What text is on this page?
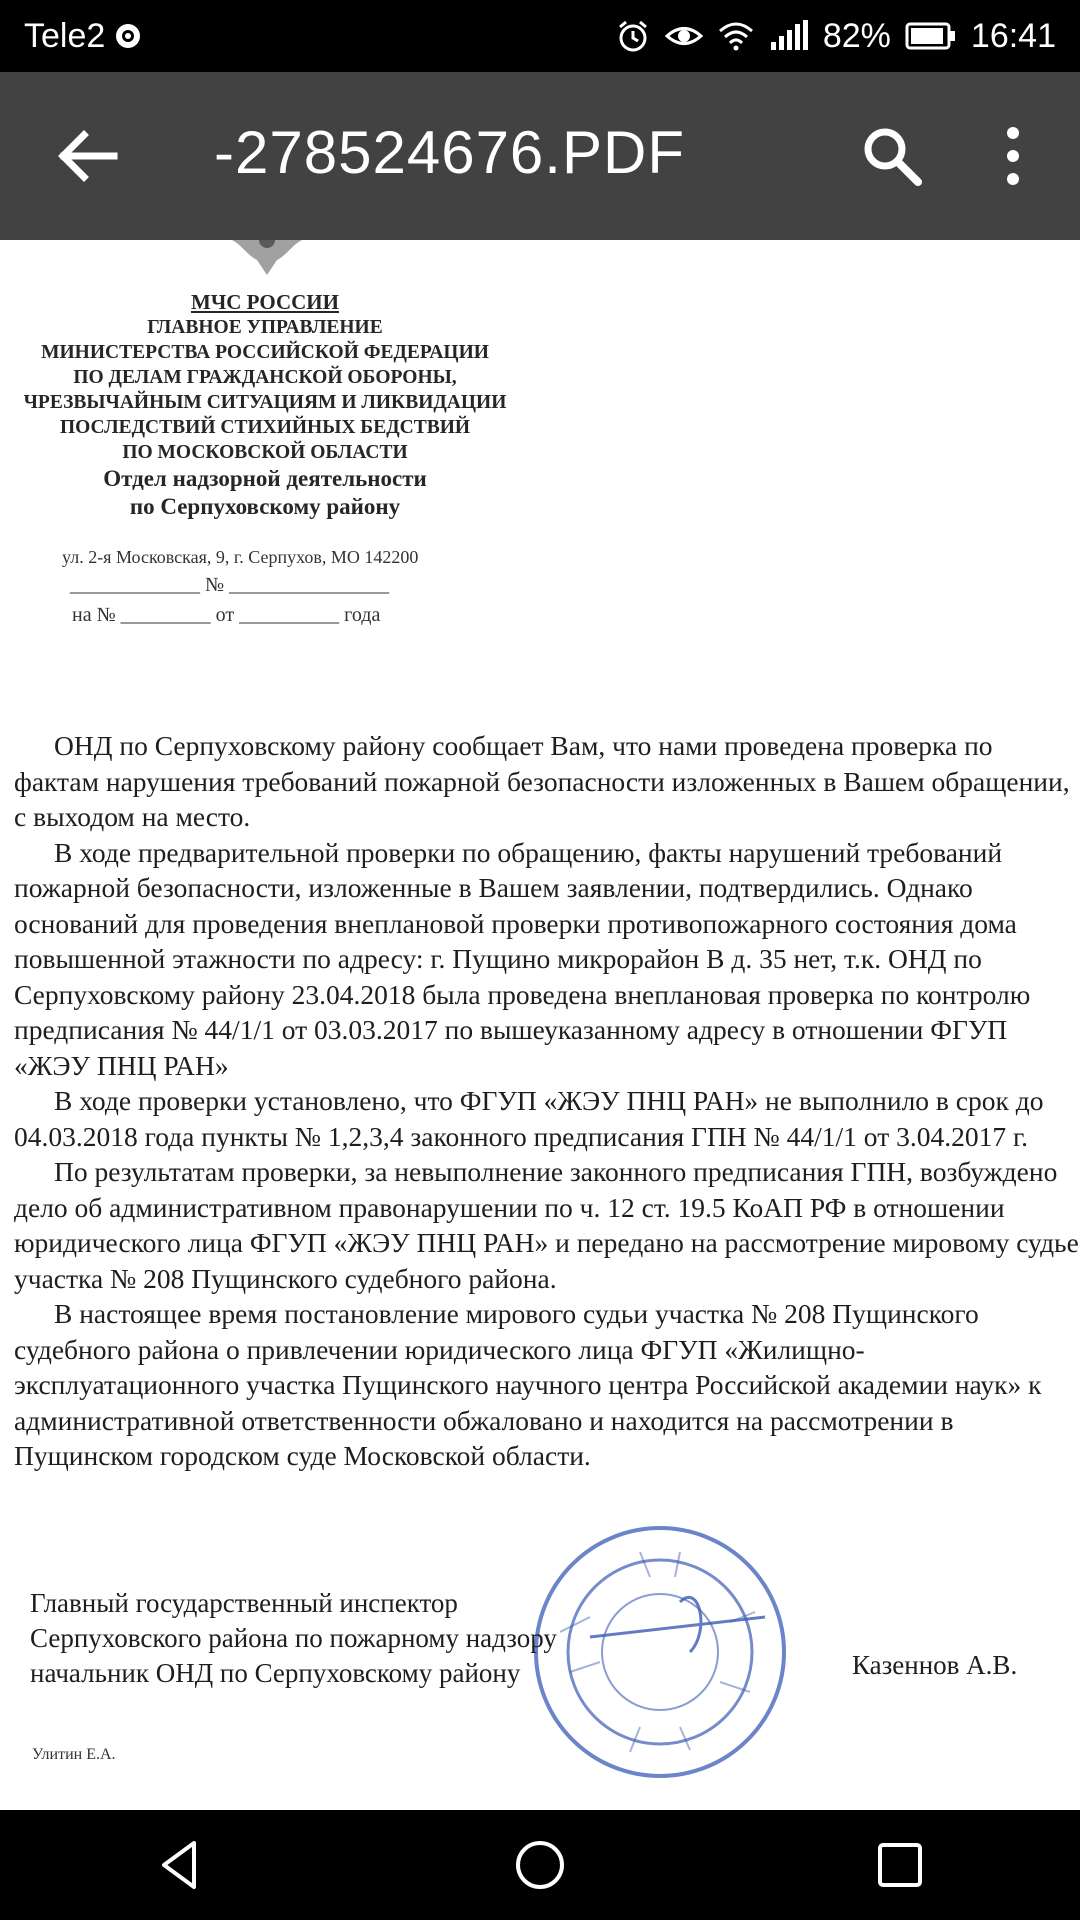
Tele2	82% 16:41
-278524676.PDF
МЧС РОССИИ
ГЛАВНОЕ УПРАВЛЕНИЕ
МИНИСТЕРСТВА РОССИЙСКОЙ ФЕДЕРАЦИИ
ПО ДЕЛАМ ГРАЖДАНСКОЙ ОБОРОНЫ,
ЧРЕЗВЫЧАЙНЫМ СИТУАЦИЯМ И ЛИКВИДАЦИИ
ПОСЛЕДСТВИЙ СТИХИЙНЫХ БЕДСТВИЙ
ПО МОСКОВСКОЙ ОБЛАСТИ
Отдел надзорной деятельности
по Серпуховскому району
ул. 2-я Московская, 9, г. Серпухов, МО 142200
_____________ № ________________
на № _________ от __________ года

ОНД по Серпуховскому району сообщает Вам, что нами проведена проверка по фактам нарушения требований пожарной безопасности изложенных в Вашем обращении, с выходом на место.

В ходе предварительной проверки по обращению, факты нарушений требований пожарной безопасности, изложенные в Вашем заявлении, подтвердились. Однако оснований для проведения внеплановой проверки противопожарного состояния дома повышенной этажности по адресу: г. Пущино микрорайон В д. 35 нет, т.к. ОНД по Серпуховскому району 23.04.2018 была проведена внеплановая проверка по контролю предписания № 44/1/1 от 03.03.2017 по вышеуказанному адресу в отношении ФГУП «ЖЭУ ПНЦ РАН»

В ходе проверки установлено, что ФГУП «ЖЭУ ПНЦ РАН» не выполнило в срок до 04.03.2018 года пункты № 1,2,3,4 законного предписания ГПН № 44/1/1 от 3.04.2017 г.

По результатам проверки, за невыполнение законного предписания ГПН, возбуждено дело об административном правонарушении по ч. 12 ст. 19.5 КоАП РФ в отношении юридического лица ФГУП «ЖЭУ ПНЦ РАН» и передано на рассмотрение мировому судье участка № 208 Пущинского судебного района.

В настоящее время постановление мирового судьи участка № 208 Пущинского судебного района о привлечении юридического лица ФГУП «Жилищно-эксплуатационного участка Пущинского научного центра Российской академии наук» к административной ответственности обжаловано и находится на рассмотрении в Пущинском городском суде Московской области.

Главный государственный инспектор
Серпуховского района по пожарному надзору
начальник ОНД по Серпуховскому району	Казеннов А.В.
Улитин Е.А.
